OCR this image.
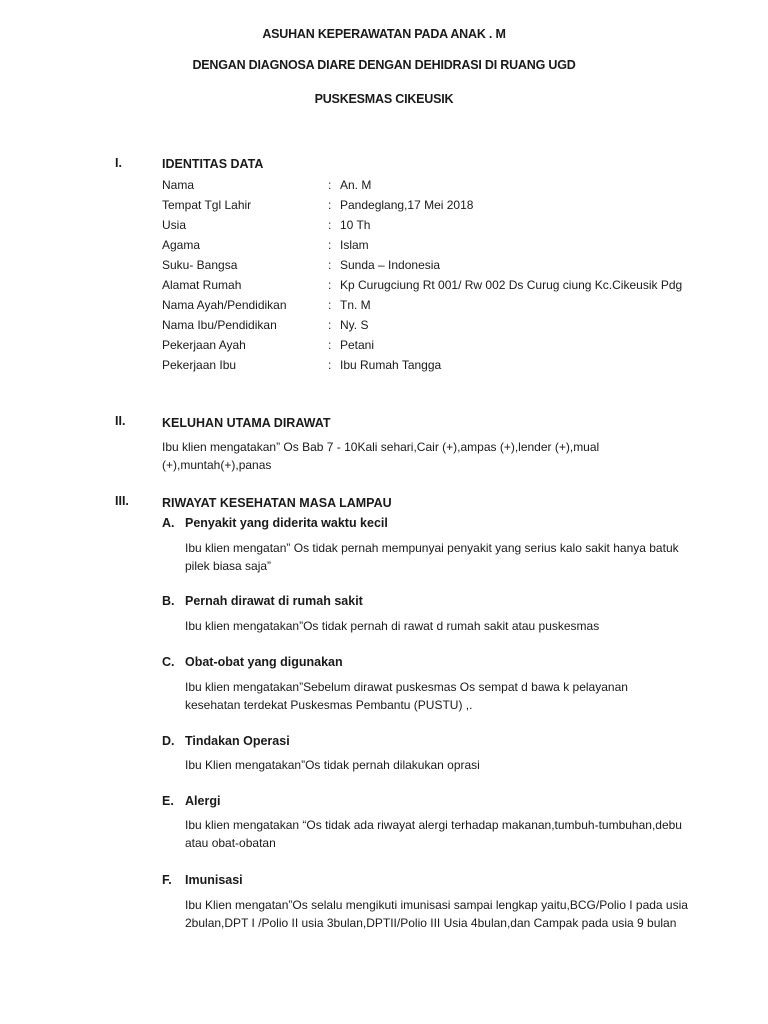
ASUHAN KEPERAWATAN PADA ANAK . M
DENGAN DIAGNOSA DIARE DENGAN DEHIDRASI DI RUANG UGD
PUSKESMAS CIKEUSIK
I.	IDENTITAS DATA
Nama	: An. M
Tempat Tgl Lahir	: Pandeglang,17 Mei 2018
Usia	: 10 Th
Agama	: Islam
Suku- Bangsa	: Sunda – Indonesia
Alamat Rumah	: Kp Curugciung Rt 001/ Rw 002 Ds Curug ciung Kc.Cikeusik Pdg
Nama Ayah/Pendidikan	: Tn. M
Nama Ibu/Pendidikan	: Ny. S
Pekerjaan Ayah	: Petani
Pekerjaan Ibu	: Ibu Rumah Tangga
II.	KELUHAN UTAMA DIRAWAT
Ibu klien mengatakan” Os Bab 7 - 10Kali sehari,Cair (+),ampas (+),lender (+),mual
(+),muntah(+),panas
III.	RIWAYAT KESEHATAN MASA LAMPAU
A. Penyakit yang diderita waktu kecil
Ibu klien mengatan” Os tidak pernah mempunyai penyakit yang serius kalo sakit hanya batuk
pilek biasa saja”
B. Pernah dirawat di rumah sakit
Ibu klien mengatakan”Os tidak pernah di rawat d rumah sakit atau puskesmas
C. Obat-obat yang digunakan
Ibu klien mengatakan”Sebelum dirawat puskesmas Os sempat d bawa k pelayanan
kesehatan terdekat Puskesmas Pembantu (PUSTU) ,.
D. Tindakan Operasi
Ibu Klien mengatakan”Os tidak pernah dilakukan oprasi
E. Alergi
Ibu klien mengatakan “Os tidak ada riwayat alergi terhadap makanan,tumbuh-tumbuhan,debu
atau obat-obatan
F. Imunisasi
Ibu Klien mengatan”Os selalu mengikuti imunisasi sampai lengkap yaitu,BCG/Polio I pada usia
2bulan,DPT I /Polio II usia 3bulan,DPTII/Polio III Usia 4bulan,dan Campak pada usia 9 bulan
